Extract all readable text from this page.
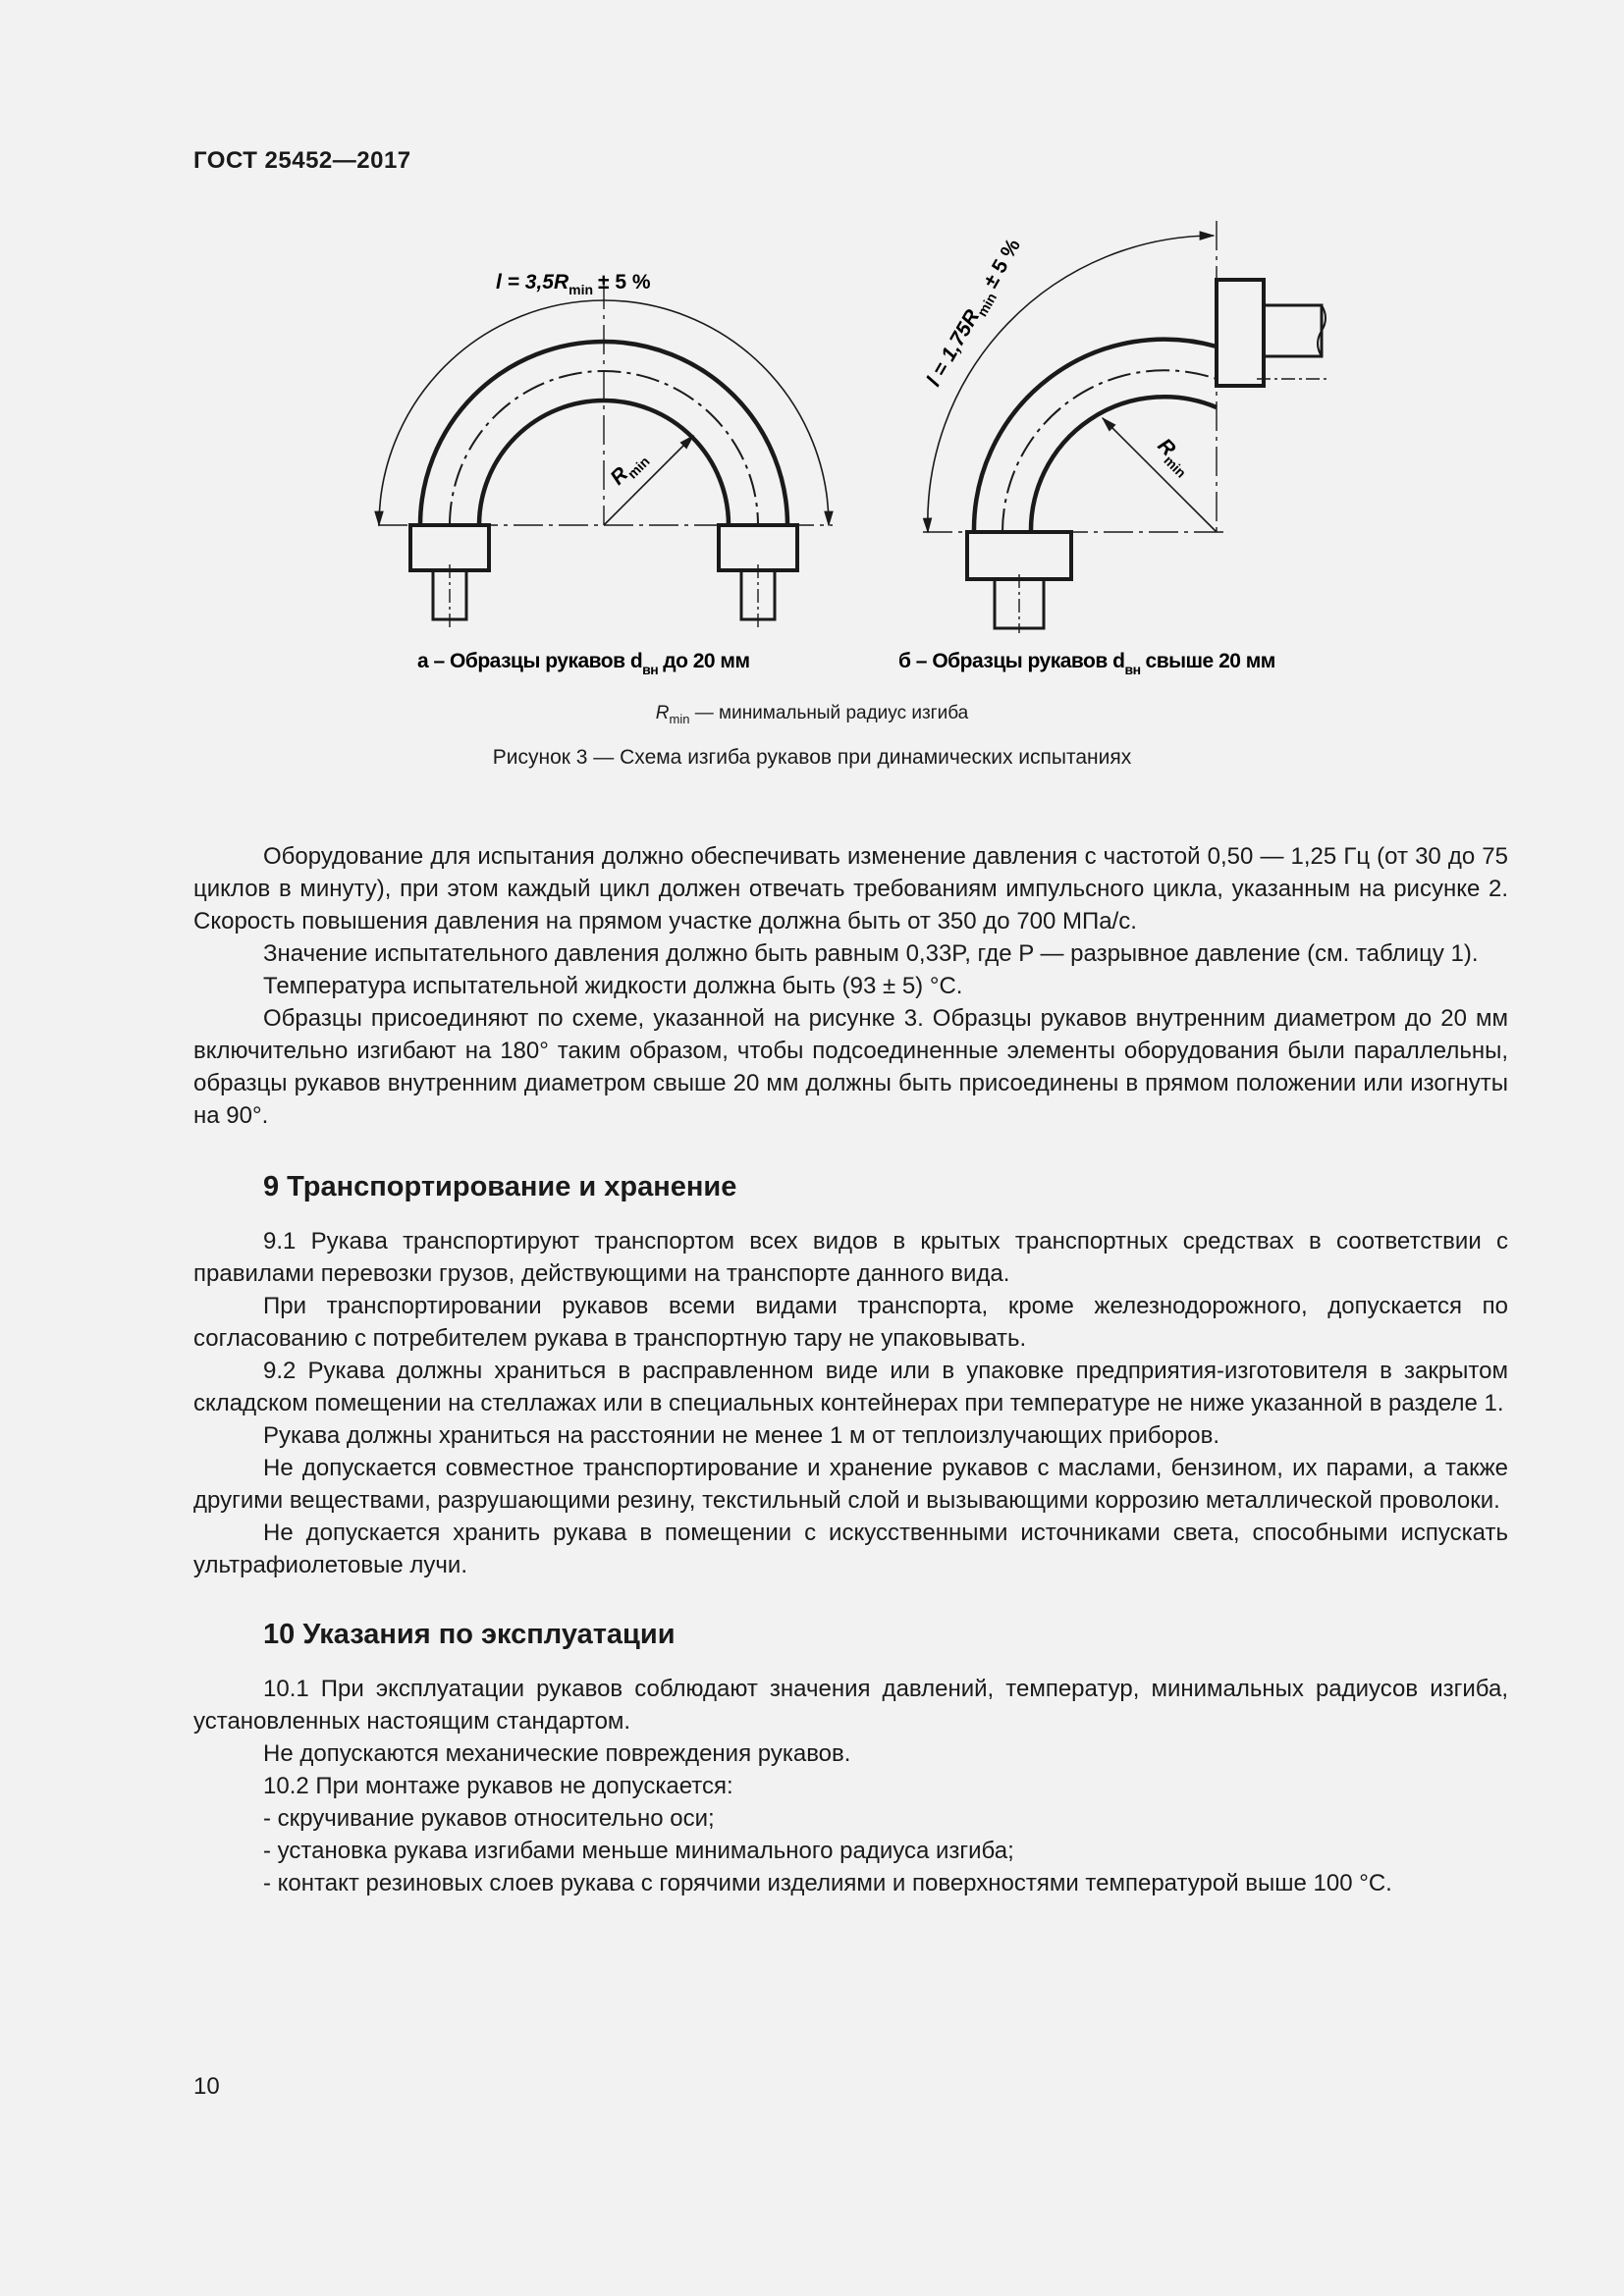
ГОСТ 25452—2017
$l = 3,5R_{min} \pm 5$ %
$R_{min}$
а – Образцы рукавов $d_{вн}$ до 20 мм
$l = 1,75R_{min}\pm 5$ %
$R_{min}$
б – Образцы рукавов $d_{вн}$ свыше 20 мм
$R_{min}$ — минимальный радиус изгиба
Рисунок 3 — Схема изгиба рукавов при динамических испытаниях

Оборудование для испытания должно обеспечивать изменение давления с частотой 0,50 — 1,25 Гц (от 30 до 75 циклов в минуту), при этом каждый цикл должен отвечать требованиям импульсного цикла, указанным на рисунке 2. Скорость повышения давления на прямом участке должна быть от 350 до 700 МПа/с.

Значение испытательного давления должно быть равным 0,33P, где P — разрывное давление (см. таблицу 1).

Температура испытательной жидкости должна быть (93 ± 5) °С.

Образцы присоединяют по схеме, указанной на рисунке 3. Образцы рукавов внутренним диаметром до 20 мм включительно изгибают на 180° таким образом, чтобы подсоединенные элементы оборудования были параллельны, образцы рукавов внутренним диаметром свыше 20 мм должны быть присоединены в прямом положении или изогнуты на 90°.

9 Транспортирование и хранение

9.1 Рукава транспортируют транспортом всех видов в крытых транспортных средствах в соответствии с правилами перевозки грузов, действующими на транспорте данного вида.

При транспортировании рукавов всеми видами транспорта, кроме железнодорожного, допускается по согласованию с потребителем рукава в транспортную тару не упаковывать.

9.2 Рукава должны храниться в расправленном виде или в упаковке предприятия-изготовителя в закрытом складском помещении на стеллажах или в специальных контейнерах при температуре не ниже указанной в разделе 1.

Рукава должны храниться на расстоянии не менее 1 м от теплоизлучающих приборов.

Не допускается совместное транспортирование и хранение рукавов с маслами, бензином, их парами, а также другими веществами, разрушающими резину, текстильный слой и вызывающими коррозию металлической проволоки.

Не допускается хранить рукава в помещении с искусственными источниками света, способными испускать ультрафиолетовые лучи.

10 Указания по эксплуатации

10.1 При эксплуатации рукавов соблюдают значения давлений, температур, минимальных радиусов изгиба, установленных настоящим стандартом.

Не допускаются механические повреждения рукавов.

10.2 При монтаже рукавов не допускается:

- скручивание рукавов относительно оси;

- установка рукава изгибами меньше минимального радиуса изгиба;

- контакт резиновых слоев рукава с горячими изделиями и поверхностями температурой выше 100 °С.

10
